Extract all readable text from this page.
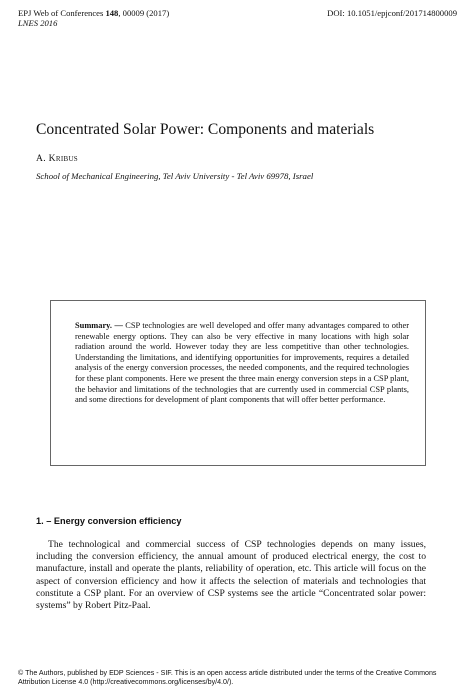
EPJ Web of Conferences 148, 00009 (2017)
LNES 2016
DOI: 10.1051/epjconf/201714800009
Concentrated Solar Power: Components and materials
A. Kribus
School of Mechanical Engineering, Tel Aviv University - Tel Aviv 69978, Israel
Summary. — CSP technologies are well developed and offer many advantages compared to other renewable energy options. They can also be very effective in many locations with high solar radiation around the world. However today they are less competitive than other technologies. Understanding the limitations, and identifying opportunities for improvements, requires a detailed analysis of the energy conversion processes, the needed components, and the required technologies for these plant components. Here we present the three main energy conversion steps in a CSP plant, the behavior and limitations of the technologies that are currently used in commercial CSP plants, and some directions for development of plant components that will offer better performance.
1. – Energy conversion efficiency
The technological and commercial success of CSP technologies depends on many issues, including the conversion efficiency, the annual amount of produced electrical energy, the cost to manufacture, install and operate the plants, reliability of operation, etc. This article will focus on the aspect of conversion efficiency and how it affects the selection of materials and technologies that constitute a CSP plant. For an overview of CSP systems see the article “Concentrated solar power: systems” by Robert Pitz-Paal.
© The Authors, published by EDP Sciences - SIF. This is an open access article distributed under the terms of the Creative Commons Attribution License 4.0 (http://creativecommons.org/licenses/by/4.0/).
